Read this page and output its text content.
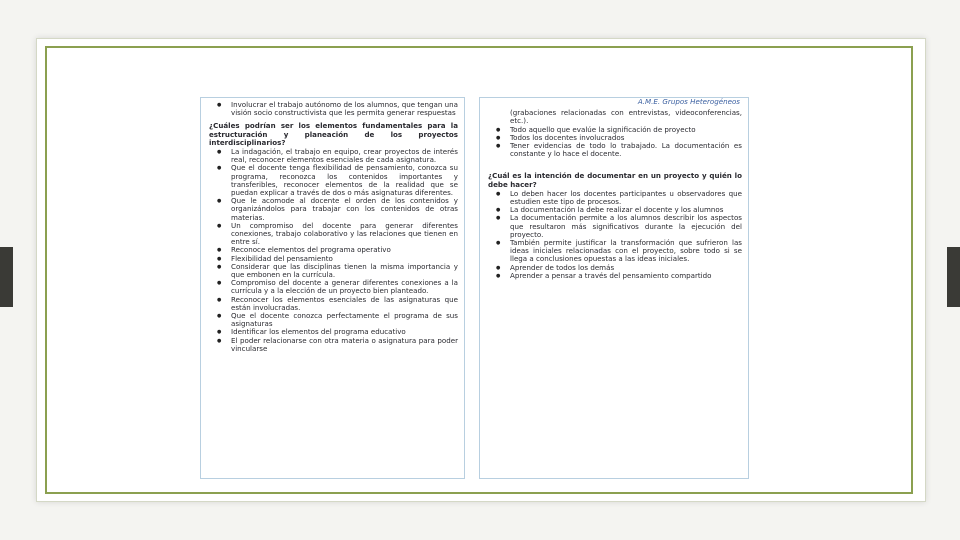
● Involucrar el trabajo autónomo de los alumnos, que tengan una visión socio constructivista que les permita generar respuestas
¿Cuáles podrían ser los elementos fundamentales para la estructuración y planeación de los proyectos interdisciplinarios?
● La indagación, el trabajo en equipo, crear proyectos de interés real, reconocer elementos esenciales de cada asignatura.
● Que el docente tenga flexibilidad de pensamiento, conozca su programa, reconozca los contenidos importantes y transferibles, reconocer elementos de la realidad que se puedan explicar a través de dos o más asignaturas diferentes.
● Que le acomode al docente el orden de los contenidos y organizándolos para trabajar con los contenidos de otras materias.
● Un compromiso del docente para generar diferentes conexiones, trabajo colaborativo y las relaciones que tienen en entre sí.
● Reconoce elementos del programa operativo
● Flexibilidad del pensamiento
● Considerar que las disciplinas tienen la misma importancia y que embonen en la currícula.
● Compromiso del docente a generar diferentes conexiones a la currícula y a la elección de un proyecto bien planteado.
● Reconocer los elementos esenciales de las asignaturas que están involucradas.
● Que el docente conozca perfectamente el programa de sus asignaturas
● Identificar los elementos del programa educativo
● El poder relacionarse con otra materia o asignatura para poder vincularse
A.M.E. Grupos Heterogéneos
(grabaciones relacionadas con entrevistas, videoconferencias, etc.).
● Todo aquello que evalúe la significación de proyecto
● Todos los docentes involucrados
● Tener evidencias de todo lo trabajado. La documentación es constante y lo hace el docente.
¿Cuál es la intención de documentar en un proyecto y quién lo debe hacer?
● Lo deben hacer los docentes participantes u observadores que estudien este tipo de procesos.
● La documentación la debe realizar el docente y los alumnos
● La documentación permite a los alumnos describir los aspectos que resultaron más significativos durante la ejecución del proyecto.
● También permite justificar la transformación que sufrieron las ideas iniciales relacionadas con el proyecto, sobre todo si se llega a conclusiones opuestas a las ideas iniciales.
● Aprender de todos los demás
● Aprender a pensar a través del pensamiento compartido
